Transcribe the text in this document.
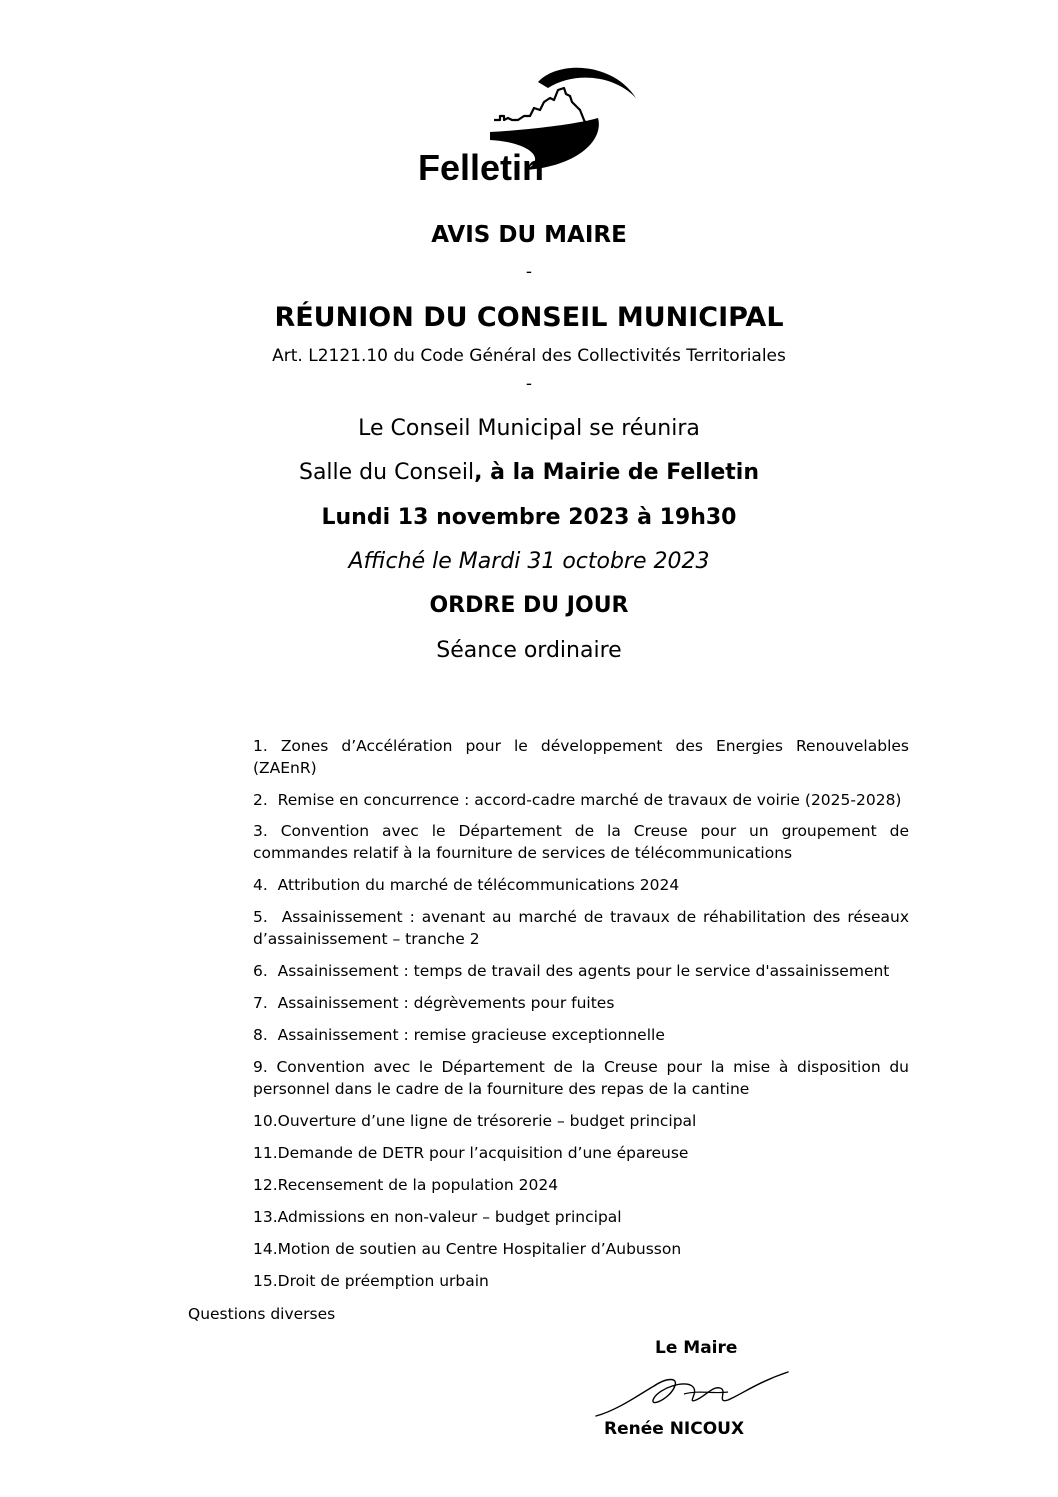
Felletin
AVIS DU MAIRE
-
RÉUNION DU CONSEIL MUNICIPAL
Art. L2121.10 du Code Général des Collectivités Territoriales
-
Le Conseil Municipal se réunira
Salle du Conseil, à la Mairie de Felletin
Lundi 13 novembre 2023 à 19h30
Affiché le Mardi 31 octobre 2023
ORDRE DU JOUR
Séance ordinaire
1. Zones d’Accélération pour le développement des Energies Renouvelables (ZAEnR)
2. Remise en concurrence : accord-cadre marché de travaux de voirie (2025-2028)
3. Convention avec le Département de la Creuse pour un groupement de commandes relatif à la fourniture de services de télécommunications
4. Attribution du marché de télécommunications 2024
5. Assainissement : avenant au marché de travaux de réhabilitation des réseaux d’assainissement – tranche 2
6. Assainissement : temps de travail des agents pour le service d'assainissement
7. Assainissement : dégrèvements pour fuites
8. Assainissement : remise gracieuse exceptionnelle
9. Convention avec le Département de la Creuse pour la mise à disposition du personnel dans le cadre de la fourniture des repas de la cantine
10.Ouverture d’une ligne de trésorerie – budget principal
11.Demande de DETR pour l’acquisition d’une épareuse
12.Recensement de la population 2024
13.Admissions en non-valeur – budget principal
14.Motion de soutien au Centre Hospitalier d’Aubusson
15.Droit de préemption urbain
Questions diverses
Le Maire
Renée NICOUX
